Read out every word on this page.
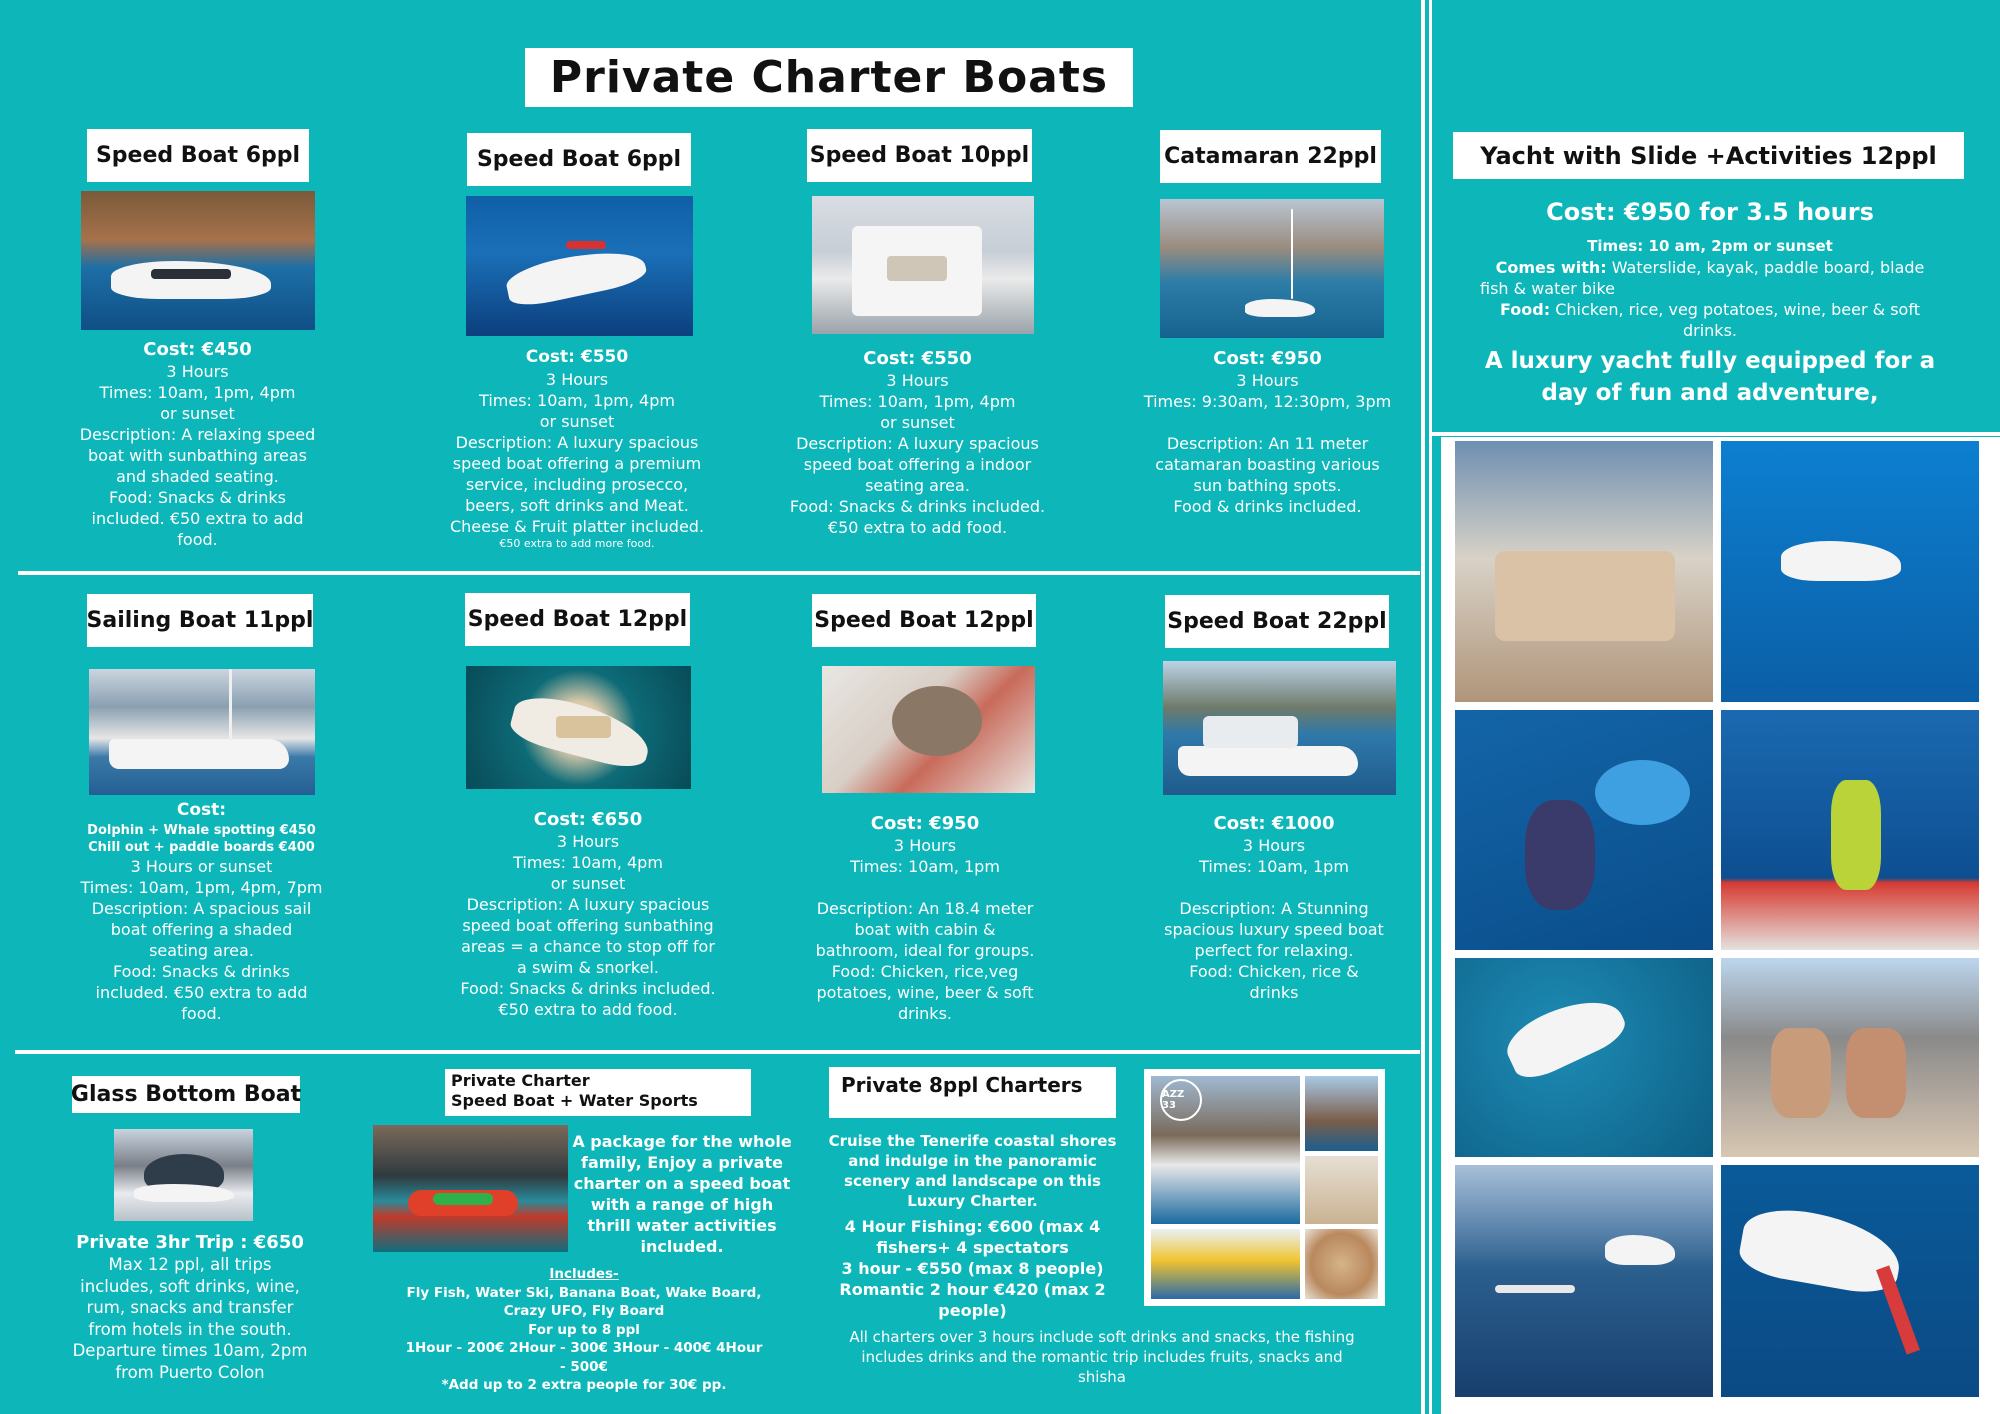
Private Charter Boats
Speed Boat 6ppl
Cost: €450
3 Hours
Times: 10am, 1pm, 4pm
or sunset
Description: A relaxing speed
boat with sunbathing areas
and shaded seating.
Food: Snacks & drinks
included. €50 extra to add
food.
Speed Boat 6ppl
Cost: €550
3 Hours
Times: 10am, 1pm, 4pm
or sunset
Description: A luxury spacious
speed boat offering a premium
service, including prosecco,
beers, soft drinks and Meat.
Cheese & Fruit platter included.
€50 extra to add more food.
Speed Boat 10ppl
Cost: €550
3 Hours
Times: 10am, 1pm, 4pm
or sunset
Description: A luxury spacious
speed boat offering a indoor
seating area.
Food: Snacks & drinks included.
€50 extra to add food.
Catamaran 22ppl
Cost: €950
3 Hours
Times: 9:30am, 12:30pm, 3pm
Description: An 11 meter
catamaran boasting various
sun bathing spots.
Food & drinks included.
Sailing Boat 11ppl
Cost:
Dolphin + Whale spotting €450
Chill out + paddle boards €400
3 Hours or sunset
Times: 10am, 1pm, 4pm, 7pm
Description: A spacious sail
boat offering a shaded
seating area.
Food: Snacks & drinks
included. €50 extra to add
food.
Speed Boat 12ppl
Cost: €650
3 Hours
Times: 10am, 4pm
or sunset
Description: A luxury spacious
speed boat offering sunbathing
areas = a chance to stop off for
a swim & snorkel.
Food: Snacks & drinks included.
€50 extra to add food.
Speed Boat 12ppl
Cost: €950
3 Hours
Times: 10am, 1pm
Description: An 18.4 meter
boat with cabin &
bathroom, ideal for groups.
Food: Chicken, rice,veg
potatoes, wine, beer & soft
drinks.
Speed Boat 22ppl
Cost: €1000
3 Hours
Times: 10am, 1pm
Description: A Stunning
spacious luxury speed boat
perfect for relaxing.
Food: Chicken, rice &
drinks
Glass Bottom Boat
Private 3hr Trip : €650
Max 12 ppl, all trips
includes, soft drinks, wine,
rum, snacks and transfer
from hotels in the south.
Departure times 10am, 2pm
from Puerto Colon
Private Charter
Speed Boat + Water Sports
A package for the whole
family, Enjoy a private
charter on a speed boat
with a range of high
thrill water activities
included.
Includes-
Fly Fish, Water Ski, Banana Boat, Wake Board,
Crazy UFO, Fly Board
For up to 8 ppl
1Hour - 200€ 2Hour - 300€ 3Hour - 400€ 4Hour
- 500€
*Add up to 2 extra people for 30€ pp.
Private 8ppl Charters	AZZ 33
Cruise the Tenerife coastal shores
and indulge in the panoramic
scenery and landscape on this
Luxury Charter.
4 Hour Fishing: €600 (max 4
fishers+ 4 spectators
3 hour - €550 (max 8 people)
Romantic 2 hour €420 (max 2
people)
All charters over 3 hours include soft drinks and snacks, the fishing
includes drinks and the romantic trip includes fruits, snacks and
shisha
Yacht with Slide +Activities 12ppl
Cost: €950 for 3.5 hours
Times: 10 am, 2pm or sunset
Comes with: Waterslide, kayak, paddle board, blade
fish & water bike
Food: Chicken, rice, veg potatoes, wine, beer & soft
drinks.
A luxury yacht fully equipped for a
day of fun and adventure,
